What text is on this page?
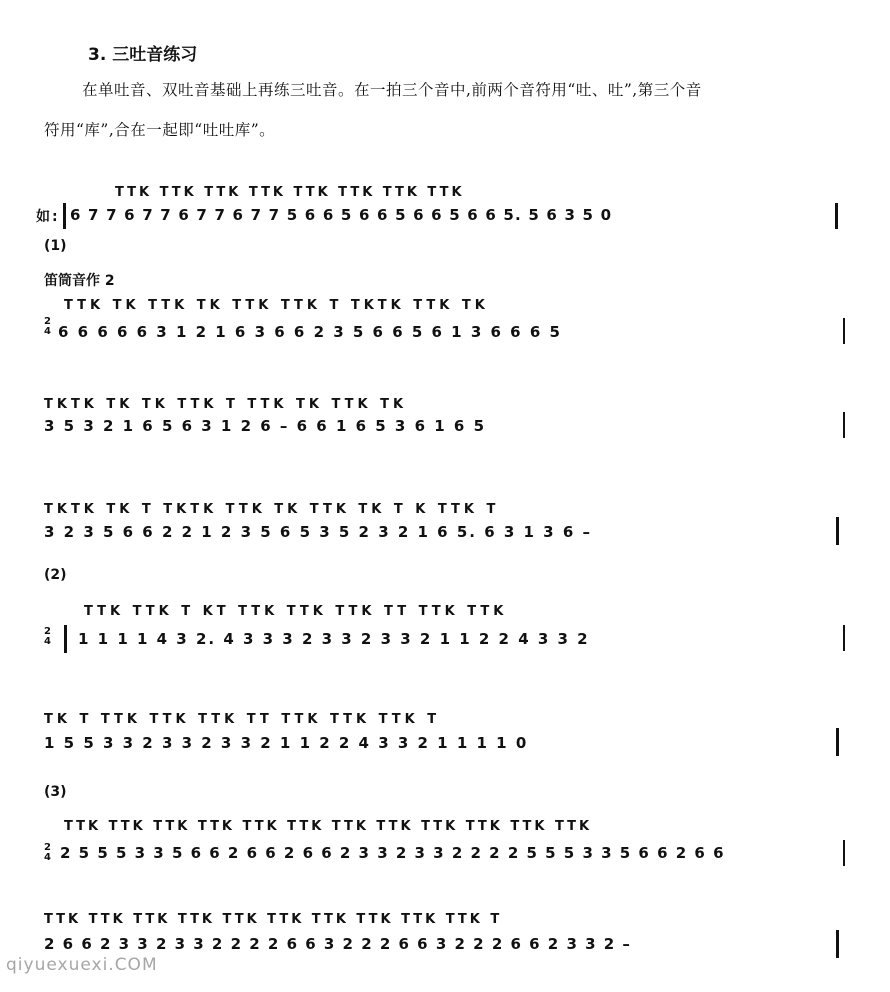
3. 三吐音练习
在单吐音、双吐音基础上再练三吐音。在一拍三个音中,前两个音符用“吐、吐”,第三个音
符用“库”,合在一起即“吐吐库”。
TTK TTK TTK TTK TTK TTK TTK TTK
如: 6 7 7 6 7 7 6 7 7 6 7 7 5 6 6 5 6 6 5 6 6 5 6 6 5. 5 6 3 5 0
(1)
笛筒音作 2
2
4
TTK TK TTK TK TTK TTK T TKTK TTK TK
6 6 6 6 6 3 1 2 1 6 3 6 6 2 3 5 6 6 5 6 1 3 6 6 6 5
TKTK TK TK TTK T TTK TK TTK TK
3 5 3 2 1 6 5 6 3 1 2 6 – 6 6 1 6 5 3 6 1 6 5
TKTK TK T TKTK TTK TK TTK TK T K TTK T
3 2 3 5 6 6 2 2 1 2 3 5 6 5 3 5 2 3 2 1 6 5. 6 3 1 3 6 –
(2)
2
4
TTK TTK T KT TTK TTK TTK TT TTK TTK
1 1 1 1 4 3 2. 4 3 3 3 2 3 3 2 3 3 2 1 1 2 2 4 3 3 2
TK T TTK TTK TTK TT TTK TTK TTK T
1 5 5 3 3 2 3 3 2 3 3 2 1 1 2 2 4 3 3 2 1 1 1 1 0
(3)
2
4
TTK TTK TTK TTK TTK TTK TTK TTK TTK TTK TTK TTK
2 5 5 5 3 3 5 6 6 2 6 6 2 6 6 2 3 3 2 3 3 2 2 2 2 5 5 5 3 3 5 6 6 2 6 6
TTK TTK TTK TTK TTK TTK TTK TTK TTK TTK T
2 6 6 2 3 3 2 3 3 2 2 2 2 6 6 3 2 2 2 6 6 3 2 2 2 6 6 2 3 3 2 –
qiyuexuexi.COM
